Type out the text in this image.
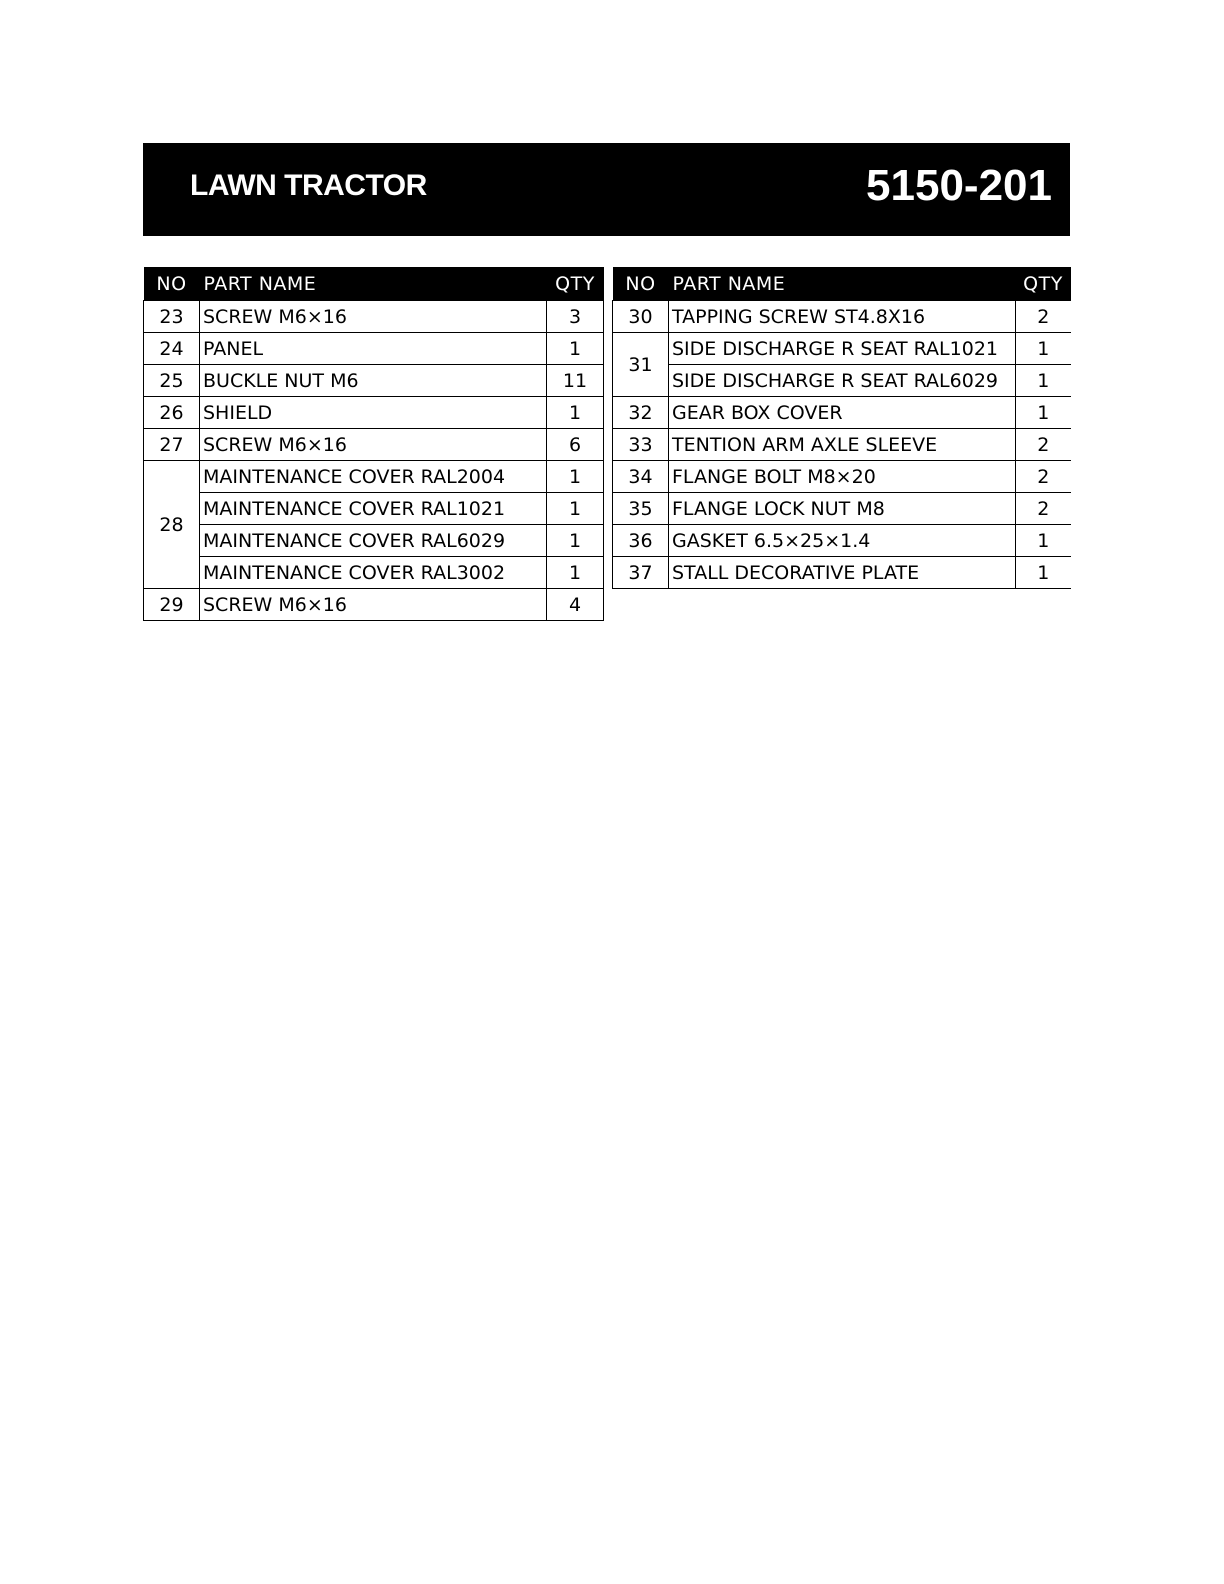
LAWN TRACTOR	5150-201
NO	PART NAME	QTY
23	SCREW M6×16	3
24	PANEL	1
25	BUCKLE NUT M6	11
26	SHIELD	1
27	SCREW M6×16	6
28	MAINTENANCE COVER RAL2004	1
	MAINTENANCE COVER RAL1021	1
	MAINTENANCE COVER RAL6029	1
	MAINTENANCE COVER RAL3002	1
29	SCREW M6×16	4
NO	PART NAME	QTY
30	TAPPING SCREW ST4.8X16	2
31	SIDE DISCHARGE R SEAT RAL1021	1
	SIDE DISCHARGE R SEAT RAL6029	1
32	GEAR BOX COVER	1
33	TENTION ARM AXLE SLEEVE	2
34	FLANGE BOLT M8×20	2
35	FLANGE LOCK NUT M8	2
36	GASKET 6.5×25×1.4	1
37	STALL DECORATIVE PLATE	1
